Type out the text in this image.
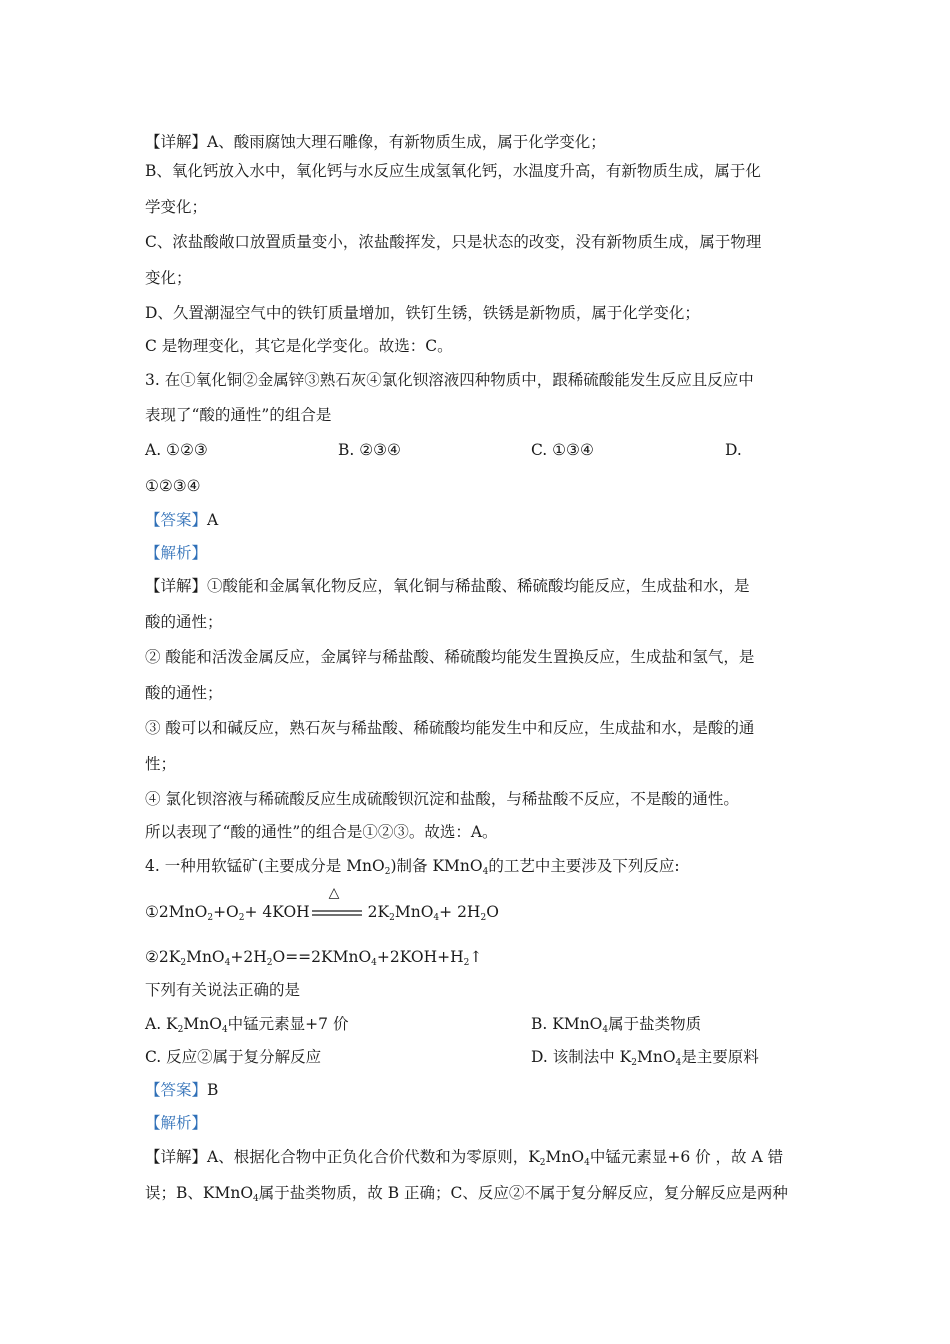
【详解】A、酸雨腐蚀大理石雕像，有新物质生成，属于化学变化；
B、氧化钙放入水中，氧化钙与水反应生成氢氧化钙，水温度升高，有新物质生成，属于化
学变化；
C、浓盐酸敞口放置质量变小，浓盐酸挥发，只是状态的改变，没有新物质生成，属于物理
变化；
D、久置潮湿空气中的铁钉质量增加，铁钉生锈，铁锈是新物质，属于化学变化；
C 是物理变化，其它是化学变化。故选：C。
3. 在①氧化铜②金属锌③熟石灰④氯化钡溶液四种物质中，跟稀硫酸能发生反应且反应中
表现了“酸的通性”的组合是
A. ①②③	B. ②③④	C. ①③④	D.
①②③④
【答案】A
【解析】
【详解】①酸能和金属氧化物反应，氧化铜与稀盐酸、稀硫酸均能反应，生成盐和水，是
酸的通性；
② 酸能和活泼金属反应，金属锌与稀盐酸、稀硫酸均能发生置换反应，生成盐和氢气，是
酸的通性；
③ 酸可以和碱反应，熟石灰与稀盐酸、稀硫酸均能发生中和反应，生成盐和水，是酸的通
性；
④ 氯化钡溶液与稀硫酸反应生成硫酸钡沉淀和盐酸，与稀盐酸不反应，不是酸的通性。
所以表现了“酸的通性”的组合是①②③。故选：A。
4. 一种用软锰矿(主要成分是 MnO$_2$)制备 KMnO$_4$的工艺中主要涉及下列反应:
$①2MnO_2+O_2+ 4KOH$
△
$2K_2MnO_4+ 2H_2O$
$②2K_2MnO_4+2H_2O==2KMnO_4+2KOH+H_2↑$
下列有关说法正确的是
A. $K_2MnO_4$中锰元素显+7 价	B. KMnO$_4$属于盐类物质
C. 反应②属于复分解反应	D. 该制法中 $K_2MnO_4$是主要原料
【答案】B
【解析】
【详解】A、根据化合物中正负化合价代数和为零原则，$K_2MnO_4$中锰元素显+6 价 ，故 A 错
误；B、KMnO$_4$属于盐类物质，故 B 正确；C、反应②不属于复分解反应，复分解反应是两种
